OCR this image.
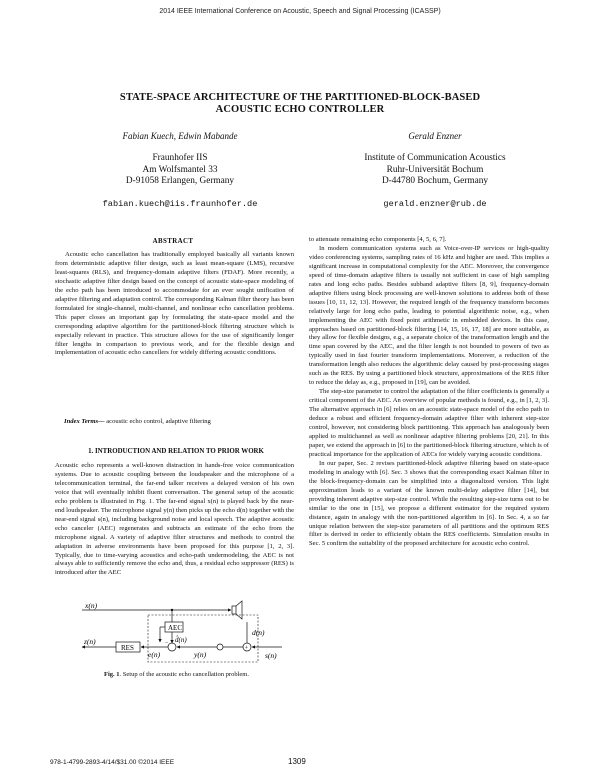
2014 IEEE International Conference on Acoustic, Speech and Signal Processing (ICASSP)
STATE-SPACE ARCHITECTURE OF THE PARTITIONED-BLOCK-BASED
ACOUSTIC ECHO CONTROLLER
Fabian Kuech, Edwin Mabande	Gerald Enzner
Fraunhofer IIS
Am Wolfsmantel 33
D-91058 Erlangen, Germany
Institute of Communication Acoustics
Ruhr-Universität Bochum
D-44780 Bochum, Germany
fabian.kuech@iis.fraunhofer.de	gerald.enzner@rub.de
ABSTRACT

Acoustic echo cancellation has traditionally employed basically all variants known from deterministic adaptive filter design, such as least mean-square (LMS), recursive least-squares (RLS), and frequency-domain adaptive filters (FDAF). More recently, a stochastic adaptive filter design based on the concept of acoustic state-space modeling of the echo path has been introduced to accommodate for an ever sought unification of adaptive filtering and adaptation control. The corresponding Kalman filter theory has been formulated for single-channel, multi-channel, and nonlinear echo cancellation problems. This paper closes an important gap by formulating the state-space model and the corresponding adaptive algorithm for the partitioned-block filtering structure which is especially relevant in practice. This structure allows for the use of significantly longer filter lengths in comparison to previous work, and for the flexible design and implementation of acoustic echo cancellers for widely differing acoustic conditions.

Index Terms— acoustic echo control, adaptive filtering
1. INTRODUCTION AND RELATION TO PRIOR WORK

Acoustic echo represents a well-known distraction in hands-free voice communication systems. Due to acoustic coupling between the loudspeaker and the microphone of a telecommunication terminal, the far-end talker receives a delayed version of his own voice that will eventually inhibit fluent conversation. The general setup of the acoustic echo problem is illustrated in Fig. 1. The far-end signal x(n) is played back by the near-end loudspeaker. The microphone signal y(n) then picks up the echo d(n) together with the near-end signal s(n), including background noise and local speech. The adaptive acoustic echo canceler (AEC) regenerates and subtracts an estimate of the echo from the microphone signal. A variety of adaptive filter structures and methods to control the adaptation in adverse environments have been proposed for this purpose [1, 2, 3]. Typically, due to time-varying acoustics and echo-path undermodeling, the AEC is not always able to sufficiently remove the echo and, thus, a residual echo suppressor (RES) is introduced after the AEC

x(n)
AEC
d̂(n)
−
+
d(n)
s(n)
y(n)
e(n)
RES
z(n)
Fig. 1. Setup of the acoustic echo cancellation problem.

to attenuate remaining echo components [4, 5, 6, 7].

In modern communication systems such as Voice-over-IP services or high-quality video conferencing systems, sampling rates of 16 kHz and higher are used. This implies a significant increase in computational complexity for the AEC. Moreover, the convergence speed of time-domain adaptive filters is usually not sufficient in case of high sampling rates and long echo paths. Besides subband adaptive filters [8, 9], frequency-domain adaptive filters using block processing are well-known solutions to address both of these issues [10, 11, 12, 13]. However, the required length of the frequency transform becomes relatively large for long echo paths, leading to potential algorithmic noise, e.g., when implementing the AEC with fixed point arithmetic in embedded devices. In this case, approaches based on partitioned-block filtering [14, 15, 16, 17, 18] are more suitable, as they allow for flexible designs, e.g., a separate choice of the transformation length and the time span covered by the AEC, and the filter length is not bounded to powers of two as typically used in fast fourier transform implementations. Moreover, a reduction of the transformation length also reduces the algorithmic delay caused by post-processing stages such as the RES. By using a partitioned block structure, approximations of the RES filter to reduce the delay as, e.g., proposed in [19], can be avoided.

The step-size parameter to control the adaptation of the filter coefficients is generally a critical component of the AEC. An overview of popular methods is found, e.g., in [1, 2, 3]. The alternative approach in [6] relies on an acoustic state-space model of the echo path to deduce a robust and efficient frequency-domain adaptive filter with inherent step-size control, however, not considering block partitioning. This approach has analogously been applied to multichannel as well as nonlinear adaptive filtering problems [20, 21]. In this paper, we extend the approach in [6] to the partitioned-block filtering structure, which is of practical importance for the application of AECs for widely varying acoustic conditions.

In our paper, Sec. 2 revises partitioned-block adaptive filtering based on state-space modeling in analogy with [6]. Sec. 3 shows that the corresponding exact Kalman filter in the block-frequency-domain can be simplified into a diagonalized version. This light approximation leads to a variant of the known multi-delay adaptive filter [14], but providing inherent adaptive step-size control. While the resulting step-size turns out to be similar to the one in [15], we propose a different estimator for the required system distance, again in analogy with the non-partitioned algorithm in [6]. In Sec. 4, a so far unique relation between the step-size parameters of all partitions and the optimum RES filter is derived in order to efficiently obtain the RES coefficients. Simulation results in Sec. 5 confirm the suitability of the proposed architecture for acoustic echo control.

978-1-4799-2893-4/14/$31.00 ©2014 IEEE	1309
